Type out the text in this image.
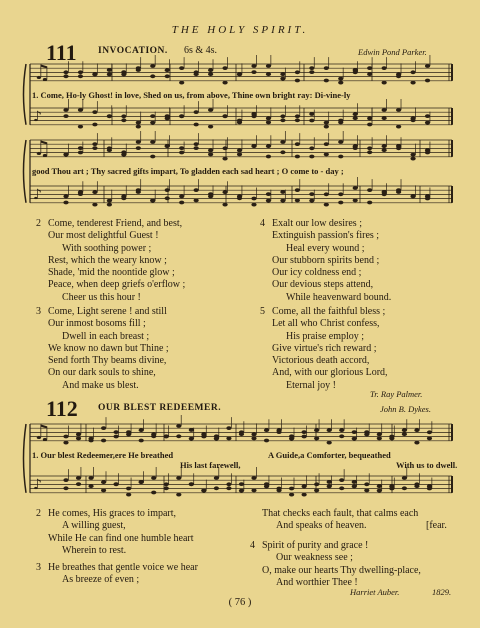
♫
♪
♫
♪
♫
♪
THE HOLY SPIRIT.
111 INVOCATION. 6s & 4s.	Edwin Pond Parker.
1. Come, Ho-ly Ghost! in love, Shed on us, from above, Thine own bright ray: Di-vine-ly
good Thou art ; Thy sacred gifts impart, To gladden each sad heart ; O come to - day ;
2 Come, tenderest Friend, and best,
Our most delightful Guest !
With soothing power ;
Rest, which the weary know ;
Shade, 'mid the noontide glow ;
Peace, when deep griefs o'erflow ;
Cheer us this hour !
3 Come, Light serene ! and still
Our inmost bosoms fill ;
Dwell in each breast ;
We know no dawn but Thine ;
Send forth Thy beams divine,
On our dark souls to shine,
And make us blest.
4 Exalt our low desires ;
Extinguish passion's fires ;
Heal every wound ;
Our stubborn spirits bend ;
Our icy coldness end ;
Our devious steps attend,
While heavenward bound.
5 Come, all the faithful bless ;
Let all who Christ confess,
His praise employ ;
Give virtue's rich reward ;
Victorious death accord,
And, with our glorious Lord,
Eternal joy !
Tr. Ray Palmer.
112 OUR BLEST REDEEMER.	John B. Dykes.
1. Our blest Redeemer,ere He breathed
His last farewell,
A Guide,a Comforter, bequeathed
With us to dwell.
2 He comes, His graces to impart,
A willing guest,
While He can find one humble heart
Wherein to rest.
3 He breathes that gentle voice we hear
As breeze of even ;
That checks each fault, that calms each
And speaks of heaven.	[fear.
4 Spirit of purity and grace !
Our weakness see ;
O, make our hearts Thy dwelling-place,
And worthier Thee !
Harriet Auber.	1829.
( 76 )
